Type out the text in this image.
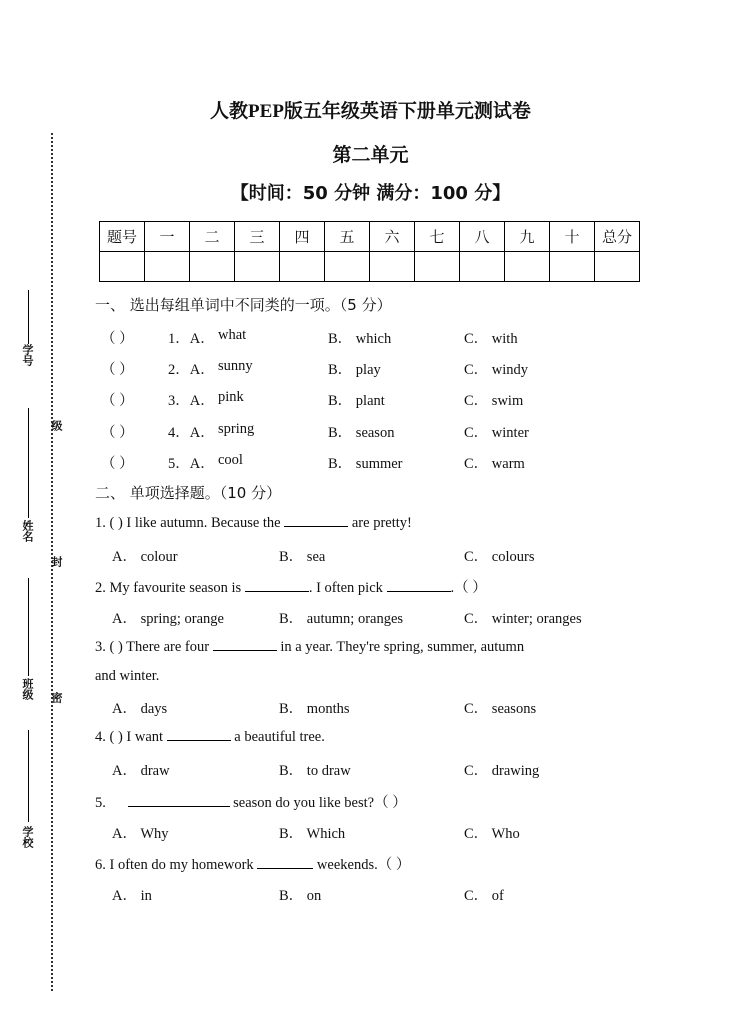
学号
级
姓名
封
班级 密
学校
人教PEP版五年级英语下册单元测试卷
第二单元
【时间：50 分钟 满分：100 分】
题号	一	二	三	四	五	六	七	八	九	十	总分

一、 选出每组单词中不同类的一项。（5 分）
（ ） 1．A． what	B． which	C． with
（ ） 2．A． sunny	B． play	C． windy
（ ） 3．A． pink	B． plant	C． swim
（ ） 4．A． spring	B． season	C． winter
（ ） 5．A． cool	B． summer	C． warm
二、 单项选择题。（10 分）
1. ( ) I like autumn. Because the	are pretty!
A． colour	B． sea	C． colours
2. My favourite season is	. I often pick	.（ ）
A． spring; orange	B． autumn; oranges	C． winter; oranges
3. ( ) There are four	in a year. They're spring, summer, autumn
and winter.
A． days	B． months	C． seasons
4. ( ) I want	a beautiful tree.
A． draw	B． to draw	C． drawing
5.	season do you like best?（ ）
A． Why	B． Which	C． Who
6. I often do my homework	weekends.（ ）
A． in	B． on	C． of
